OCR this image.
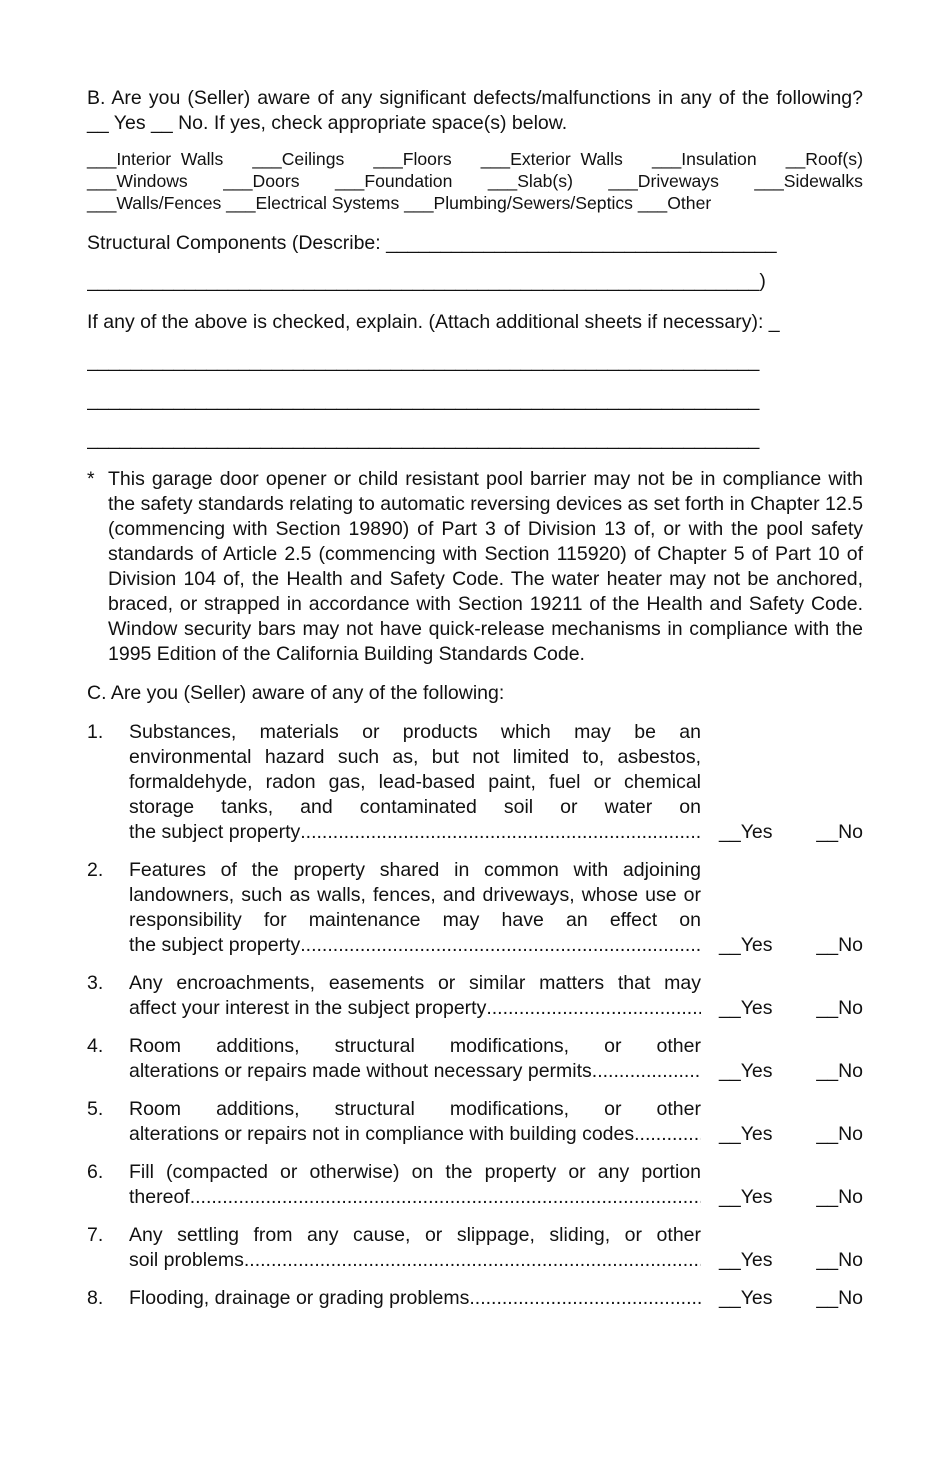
B. Are you (Seller) aware of any significant defects/malfunctions in any of the following? __ Yes __ No. If yes, check appropriate space(s) below.

___Interior  Walls ___Ceilings ___Floors ___Exterior  Walls ___Insulation __Roof(s)
___Windows ___Doors ___Foundation ___Slab(s) ___Driveways ___Sidewalks
___Walls/Fences ___Electrical Systems ___Plumbing/Sewers/Septics ___Other

Structural Components (Describe: ____________________________________

______________________________________________________________)

If any of the above is checked, explain. (Attach additional sheets if necessary): _

______________________________________________________________

______________________________________________________________

______________________________________________________________

* This garage door opener or child resistant pool barrier may not be in compliance with the safety standards relating to automatic reversing devices as set forth in Chapter 12.5 (commencing with Section 19890) of Part 3 of Division 13 of, or with the pool safety standards of Article 2.5 (commencing with Section 115920) of Chapter 5 of Part 10 of Division 104 of, the Health and Safety Code. The water heater may not be anchored, braced, or strapped in accordance with Section 19211 of the Health and Safety Code. Window security bars may not have quick-release mechanisms in compliance with the 1995 Edition of the California Building Standards Code.

C. Are you (Seller) aware of any of the following:

1.	Substances, materials or products which may be an environmental hazard such as, but not limited to, asbestos, formaldehyde, radon gas, lead-based paint, fuel or chemical storage tanks, and contaminated soil or water on
the subject property .....	__Yes __No
2.	Features of the property shared in common with adjoining landowners, such as walls, fences, and driveways, whose use or responsibility for maintenance may have an effect on
the subject property .....	__Yes __No
3.	Any encroachments, easements or similar matters that may
affect your interest in the subject property .....	__Yes __No
4.	Room additions, structural modifications, or other
alterations or repairs made without necessary permits .....	__Yes __No
5.	Room additions, structural modifications, or other
alterations or repairs not in compliance with building codes.. .....	__Yes __No
6.	Fill (compacted or otherwise) on the property or any portion
thereof .....	__Yes __No
7.	Any settling from any cause, or slippage, sliding, or other
soil problems .....	__Yes __No
8.	Flooding, drainage or grading problems .....	__Yes __No
